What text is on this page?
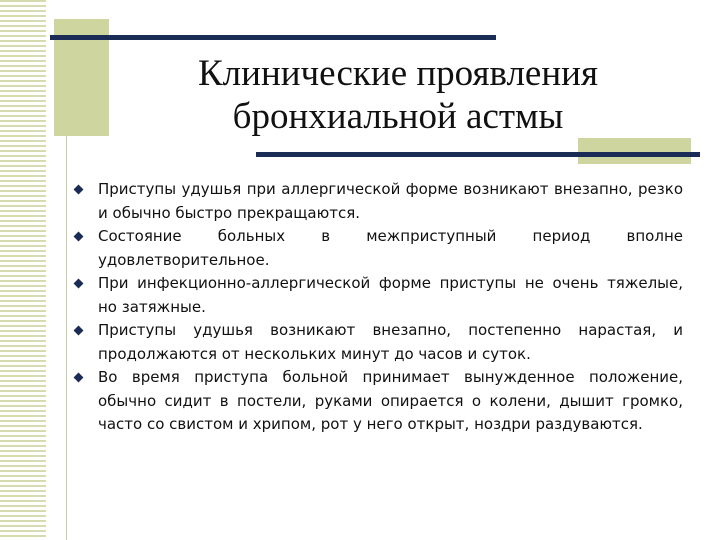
Клинические проявления
бронхиальной астмы
Приступы удушья при аллергической форме возникают внезапно, резко и обычно быстро прекращаются.
Состояние больных в межприступный период вполне удовлетворительное.
При инфекционно-аллергической форме приступы не очень тяжелые, но затяжные.
Приступы удушья возникают внезапно, постепенно нарастая, и продолжаются от нескольких минут до часов и суток.
Во время приступа больной принимает вынужденное положение, обычно сидит в постели, руками опирается о колени, дышит громко, часто со свистом и хрипом, рот у него открыт, ноздри раздуваются.
